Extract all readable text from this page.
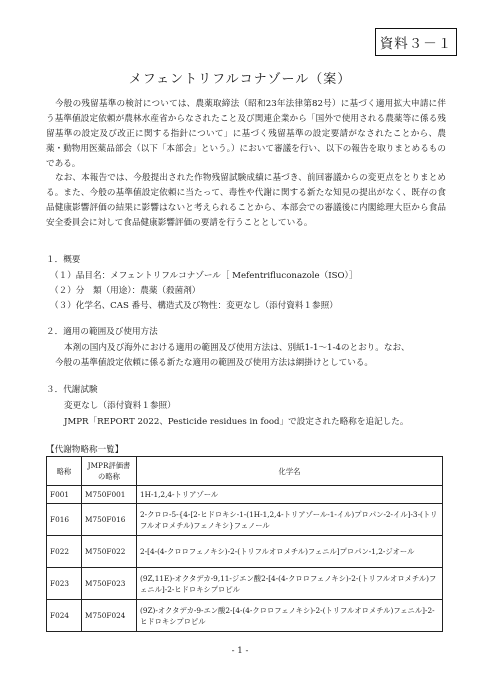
資料３－１
メフェントリフルコナゾール（案）

今般の残留基準の検討については、農薬取締法（昭和23年法律第82号）に基づく適用拡大申請に伴う基準値設定依頼が農林水産省からなされたこと及び関連企業から「国外で使用される農薬等に係る残留基準の設定及び改正に関する指針について」に基づく残留基準の設定要請がなされたことから、農薬・動物用医薬品部会（以下「本部会」という。）において審議を行い、以下の報告を取りまとめるものである。

なお、本報告では、今般提出された作物残留試験成績に基づき、前回審議からの変更点をとりまとめる。また、今般の基準値設定依頼に当たって、毒性や代謝に関する新たな知見の提出がなく、既存の食品健康影響評価の結果に影響はないと考えられることから、本部会での審議後に内閣総理大臣から食品安全委員会に対して食品健康影響評価の要請を行うこととしている。

１．概要
（１）品目名：メフェントリフルコナゾール［ Mefentrifluconazole（ISO）］
（２）分　類（用途）：農薬（殺菌剤）
（３）化学名、CAS 番号、構造式及び物性：変更なし（添付資料１参照）
２．適用の範囲及び使用方法
本剤の国内及び海外における適用の範囲及び使用方法は、別紙1-1～1-4のとおり。なお、
今般の基準値設定依頼に係る新たな適用の範囲及び使用方法は網掛けとしている。
３．代謝試験
変更なし（添付資料１参照）
JMPR「REPORT 2022、Pesticide residues in food」で設定された略称を追記した。
【代謝物略称一覧】
略称	JMPR評価書の略称	化学名
F001	M750F001	1H-1,2,4-トリアゾール
F016	M750F016	2-クロロ-5-{4-[2-ヒドロキシ-1-(1H-1,2,4-トリアゾール-1-イル)プロパン-2-イル]-3-(トリフルオロメチル)フェノキシ}フェノール
F022	M750F022	2-[4-(4-クロロフェノキシ)-2-(トリフルオロメチル)フェニル]プロパン-1,2-ジオール
F023	M750F023	(9Z,11E)-オクタデカ-9,11-ジエン酸2-[4-(4-クロロフェノキシ)-2-(トリフルオロメチル)フェニル]-2-ヒドロキシプロピル
F024	M750F024	(9Z)-オクタデカ-9-エン酸2-[4-(4-クロロフェノキシ)-2-(トリフルオロメチル)フェニル]-2-ヒドロキシプロピル
- 1 -
